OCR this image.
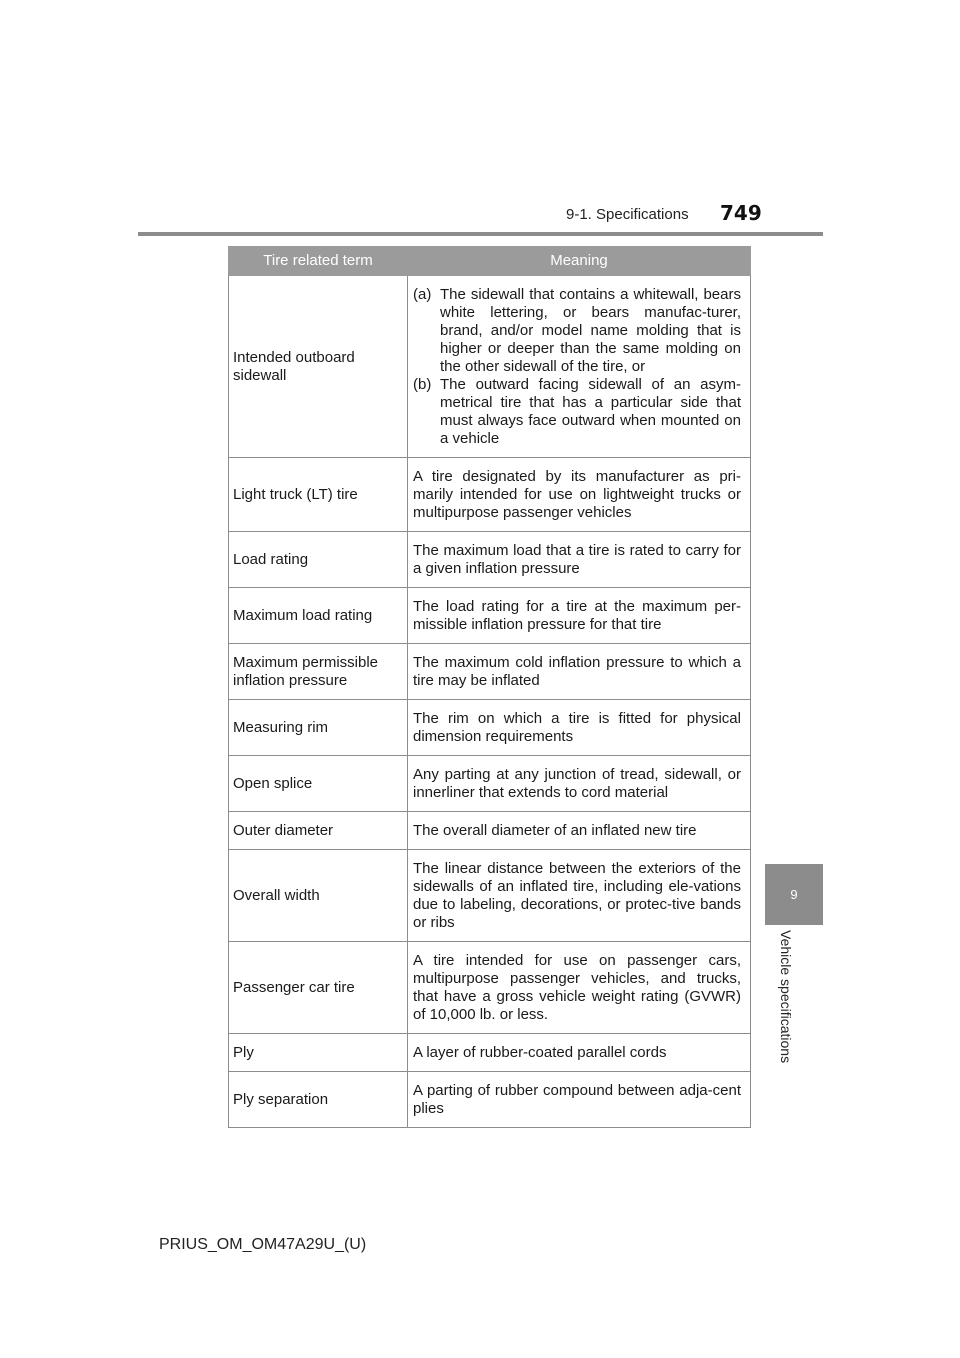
9-1. Specifications 749
9
Vehicle specifications
Tire related term	Meaning
Intended outboard sidewall	(a) The sidewall that contains a whitewall, bears white lettering, or bears manufac-turer, brand, and/or model name molding that is higher or deeper than the same molding on the other sidewall of the tire, or
(b) The outward facing sidewall of an asym-metrical tire that has a particular side that must always face outward when mounted on a vehicle

Light truck (LT) tire	A tire designated by its manufacturer as pri-marily intended for use on lightweight trucks or multipurpose passenger vehicles
Load rating	The maximum load that a tire is rated to carry for a given inflation pressure
Maximum load rating	The load rating for a tire at the maximum per-missible inflation pressure for that tire
Maximum permissible inflation pressure	The maximum cold inflation pressure to which a tire may be inflated
Measuring rim	The rim on which a tire is fitted for physical dimension requirements
Open splice	Any parting at any junction of tread, sidewall, or innerliner that extends to cord material
Outer diameter	The overall diameter of an inflated new tire
Overall width	The linear distance between the exteriors of the sidewalls of an inflated tire, including ele-vations due to labeling, decorations, or protec-tive bands or ribs
Passenger car tire	A tire intended for use on passenger cars, multipurpose passenger vehicles, and trucks, that have a gross vehicle weight rating (GVWR) of 10,000 lb. or less.
Ply	A layer of rubber-coated parallel cords
Ply separation	A parting of rubber compound between adja-cent plies
PRIUS_OM_OM47A29U_(U)
